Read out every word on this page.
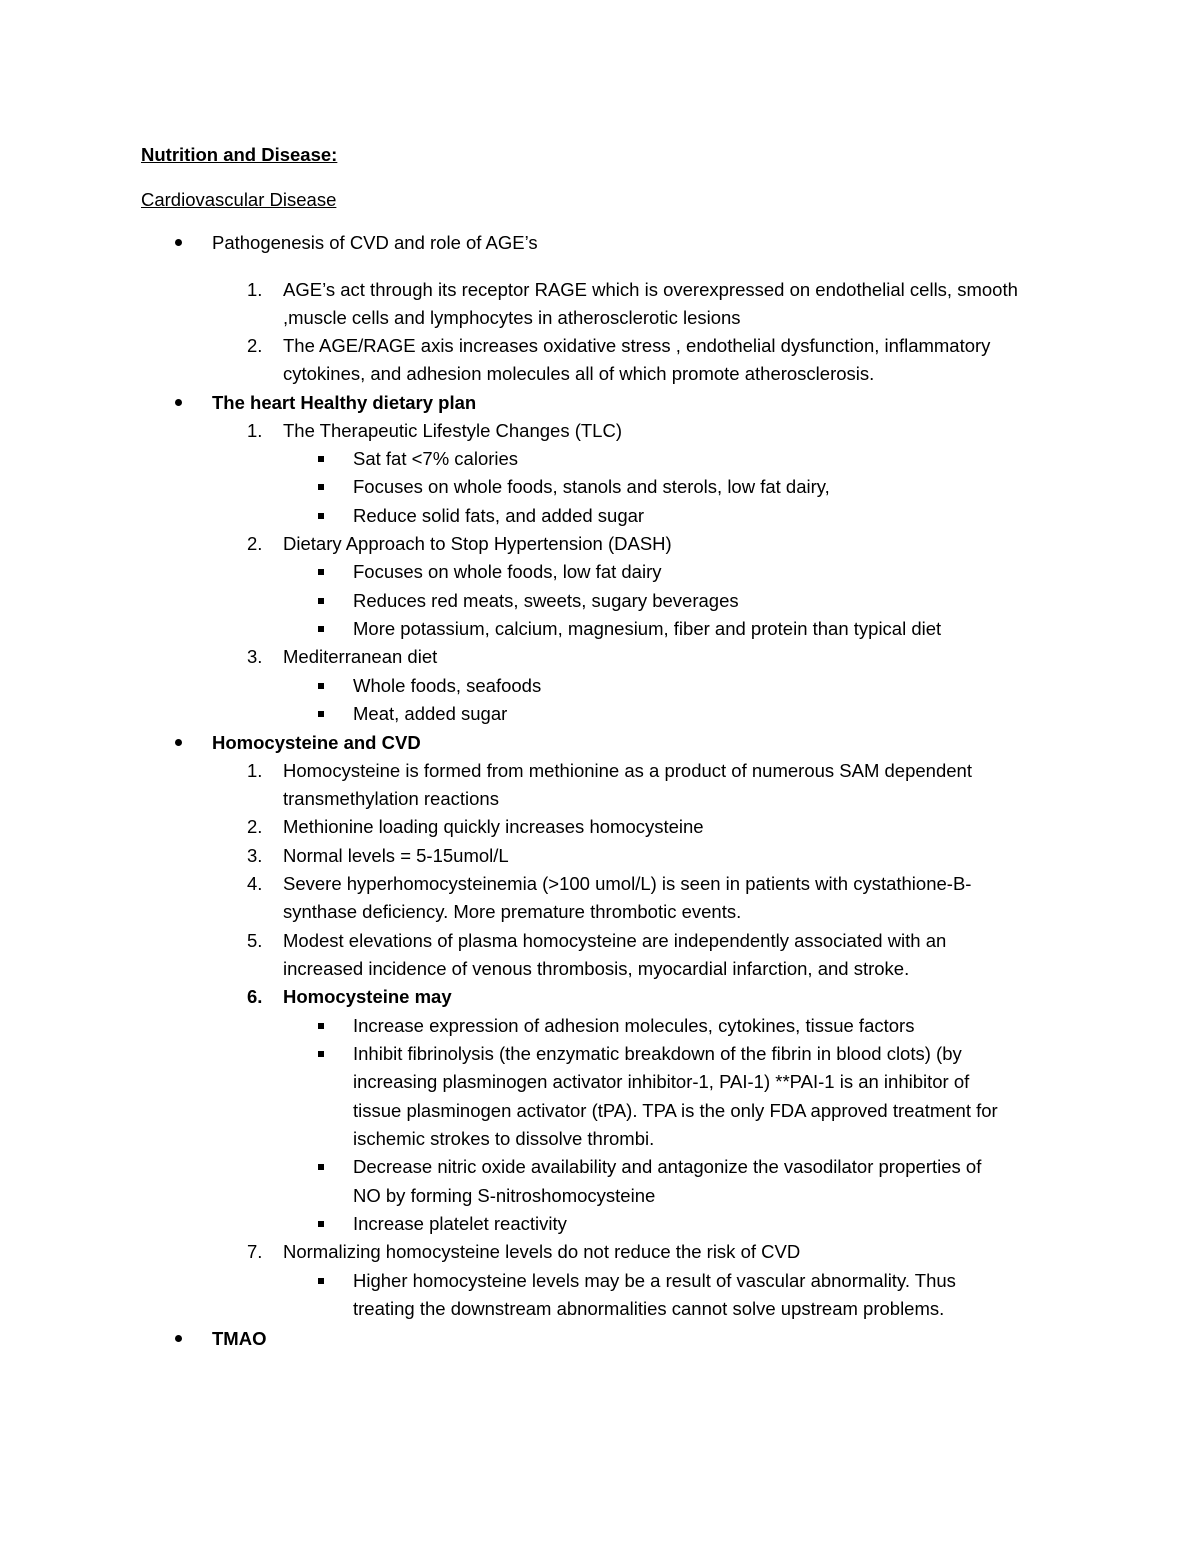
Nutrition and Disease:
Cardiovascular Disease
Pathogenesis of CVD and role of AGE’s
1. AGE’s act through its receptor RAGE which is overexpressed on endothelial cells, smooth
,muscle cells and lymphocytes in atherosclerotic lesions
2. The AGE/RAGE axis increases oxidative stress , endothelial dysfunction, inflammatory
cytokines, and adhesion molecules all of which promote atherosclerosis.
The heart Healthy dietary plan
1. The Therapeutic Lifestyle Changes (TLC)
Sat fat <7% calories
Focuses on whole foods, stanols and sterols, low fat dairy,
Reduce solid fats, and added sugar
2. Dietary Approach to Stop Hypertension (DASH)
Focuses on whole foods, low fat dairy
Reduces red meats, sweets, sugary beverages
More potassium, calcium, magnesium, fiber and protein than typical diet
3. Mediterranean diet
Whole foods, seafoods
Meat, added sugar
Homocysteine and CVD
1. Homocysteine is formed from methionine as a product of numerous SAM dependent
transmethylation reactions
2. Methionine loading quickly increases homocysteine
3. Normal levels = 5-15umol/L
4. Severe hyperhomocysteinemia (>100 umol/L) is seen in patients with cystathione-B-
synthase deficiency. More premature thrombotic events.
5. Modest elevations of plasma homocysteine are independently associated with an
increased incidence of venous thrombosis, myocardial infarction, and stroke.
6. Homocysteine may
Increase expression of adhesion molecules, cytokines, tissue factors
Inhibit fibrinolysis (the enzymatic breakdown of the fibrin in blood clots) (by
increasing plasminogen activator inhibitor-1, PAI-1) **PAI-1 is an inhibitor of
tissue plasminogen activator (tPA). TPA is the only FDA approved treatment for
ischemic strokes to dissolve thrombi.
Decrease nitric oxide availability and antagonize the vasodilator properties of
NO by forming S-nitroshomocysteine
Increase platelet reactivity
7. Normalizing homocysteine levels do not reduce the risk of CVD
Higher homocysteine levels may be a result of vascular abnormality. Thus
treating the downstream abnormalities cannot solve upstream problems.
TMAO
